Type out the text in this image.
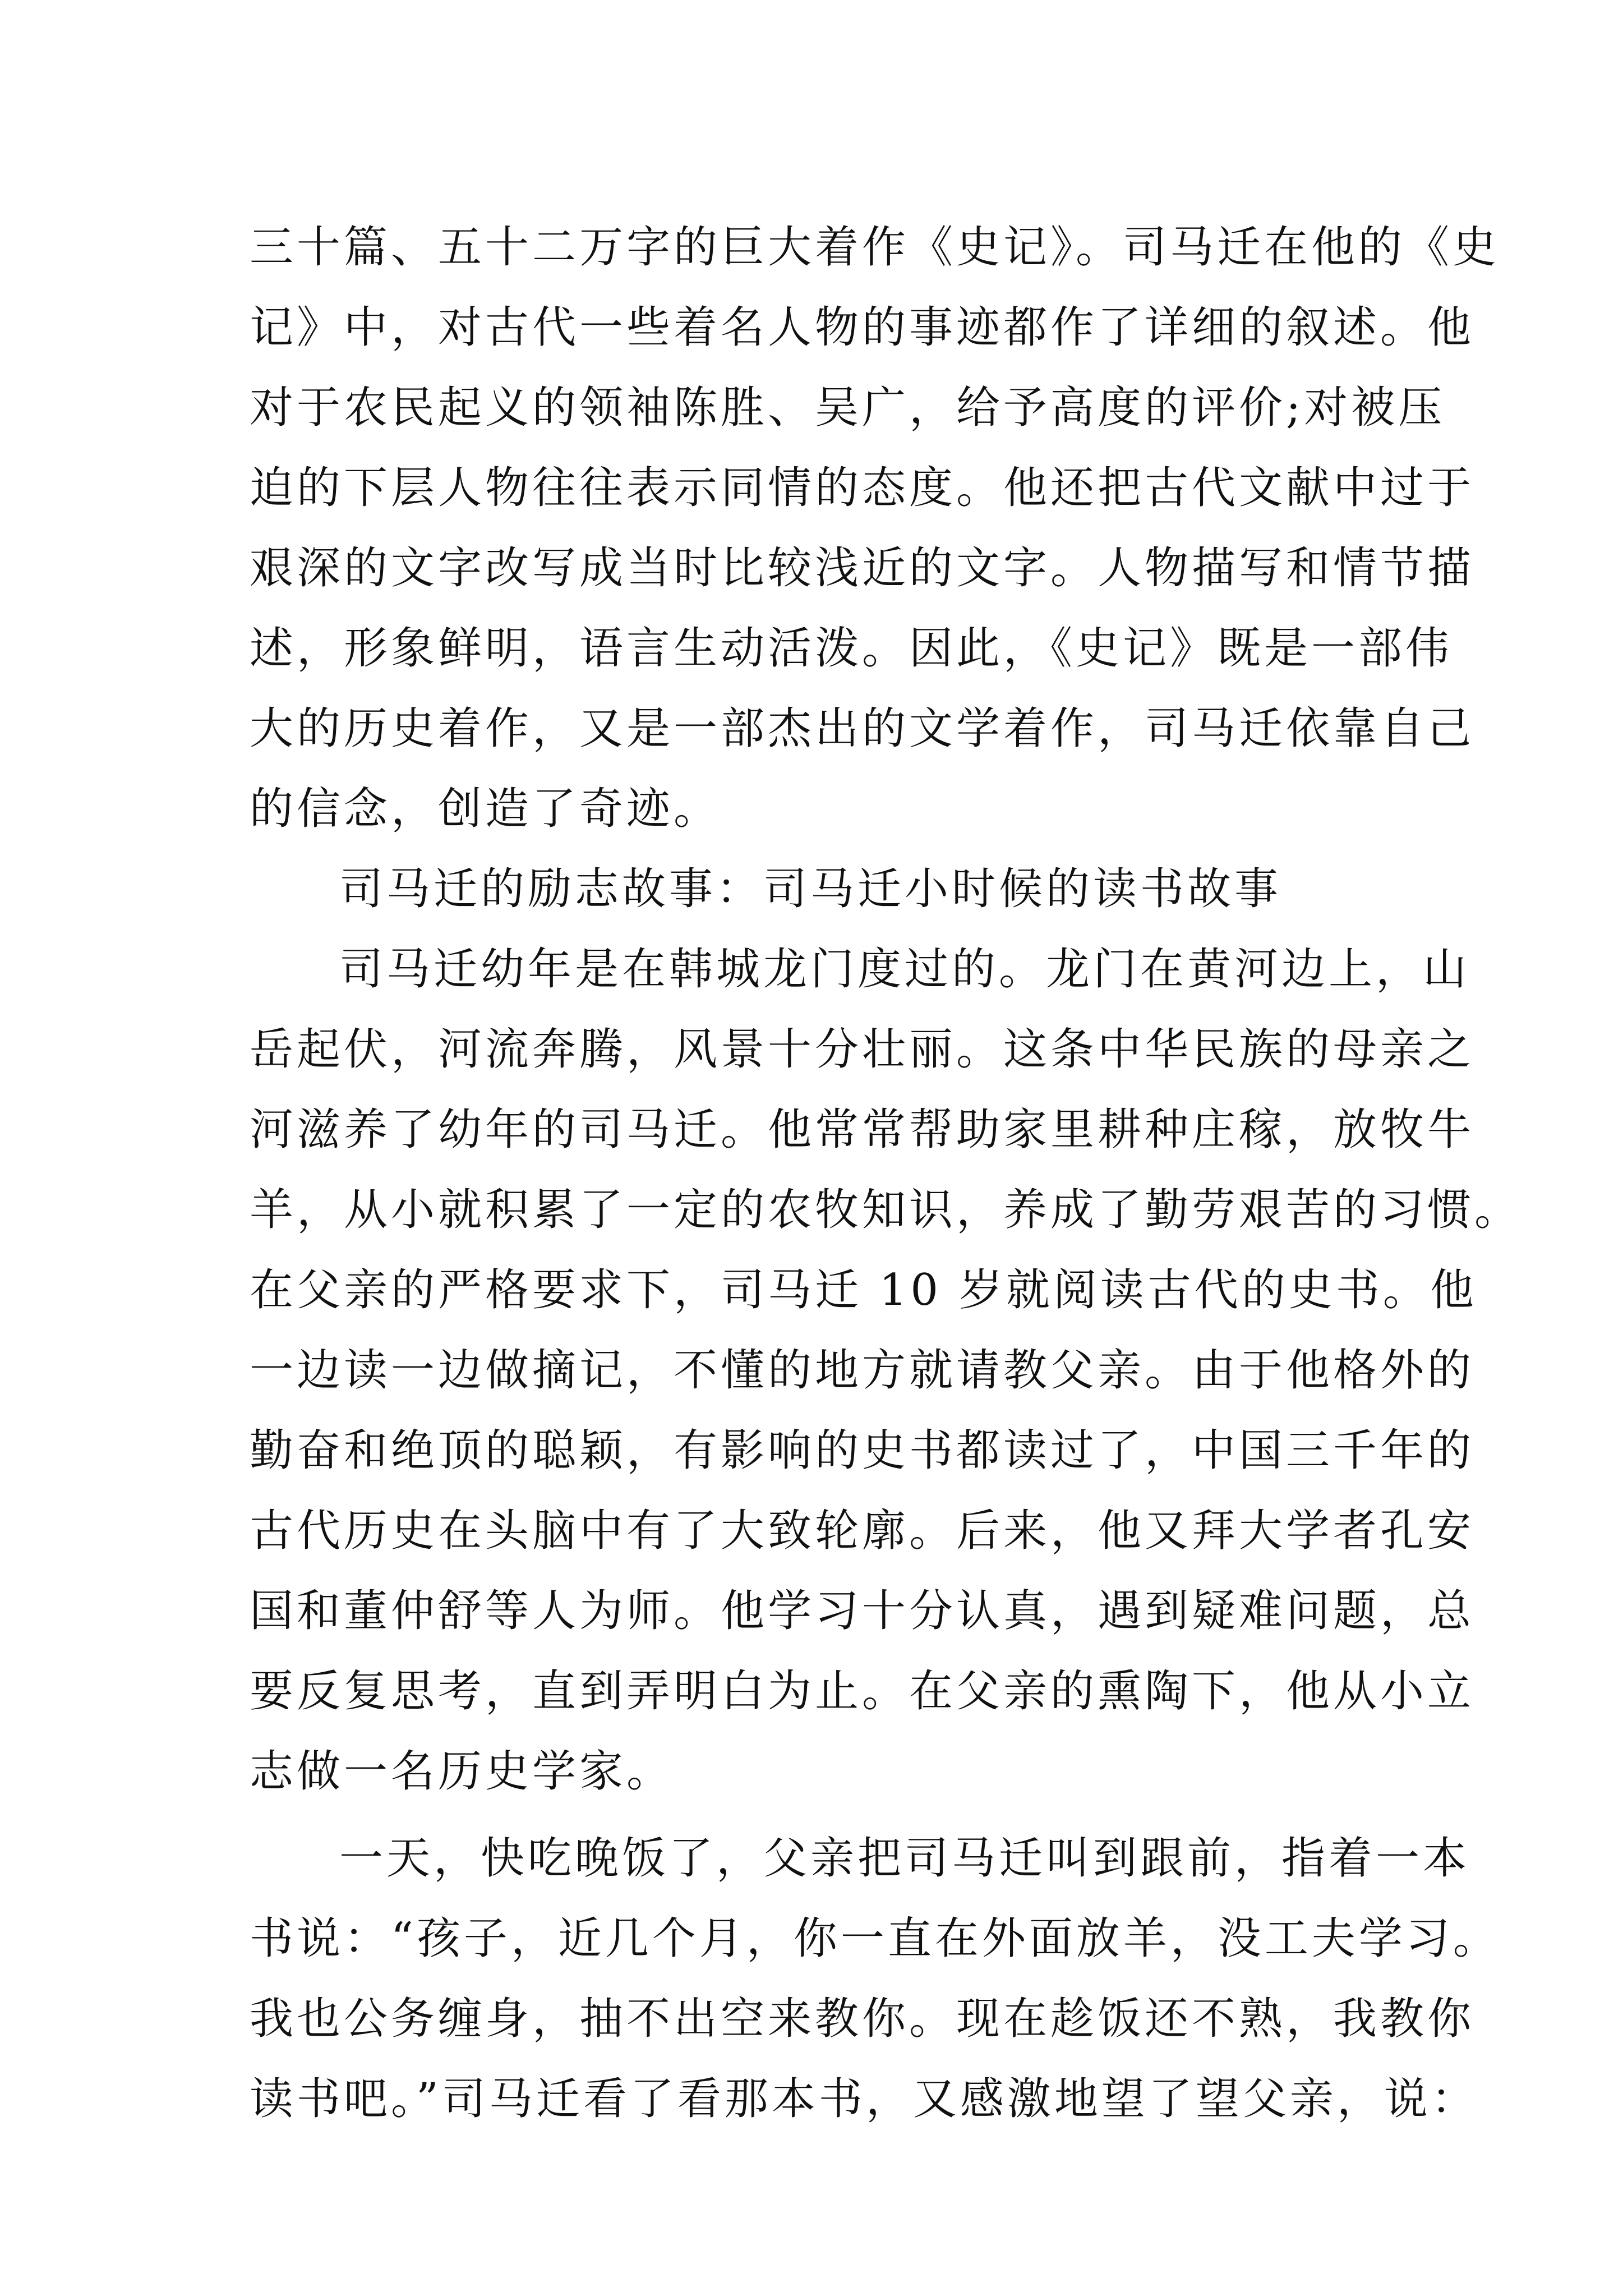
三十篇、五十二万字的巨大着作《史记》。司马迁在他的《史
记》中，对古代一些着名人物的事迹都作了详细的叙述。他
对于农民起义的领袖陈胜、吴广，给予高度的评价;对被压
迫的下层人物往往表示同情的态度。他还把古代文献中过于
艰深的文字改写成当时比较浅近的文字。人物描写和情节描
述，形象鲜明，语言生动活泼。因此，《史记》既是一部伟
大的历史着作，又是一部杰出的文学着作，司马迁依靠自己
的信念，创造了奇迹。
司马迁的励志故事：司马迁小时候的读书故事
司马迁幼年是在韩城龙门度过的。龙门在黄河边上，山
岳起伏，河流奔腾，风景十分壮丽。这条中华民族的母亲之
河滋养了幼年的司马迁。他常常帮助家里耕种庄稼，放牧牛
羊，从小就积累了一定的农牧知识，养成了勤劳艰苦的习惯。
在父亲的严格要求下，司马迁 10 岁就阅读古代的史书。他
一边读一边做摘记，不懂的地方就请教父亲。由于他格外的
勤奋和绝顶的聪颖，有影响的史书都读过了，中国三千年的
古代历史在头脑中有了大致轮廓。后来，他又拜大学者孔安
国和董仲舒等人为师。他学习十分认真，遇到疑难问题，总
要反复思考，直到弄明白为止。在父亲的熏陶下，他从小立
志做一名历史学家。
一天，快吃晚饭了，父亲把司马迁叫到跟前，指着一本
书说：“孩子，近几个月，你一直在外面放羊，没工夫学习。
我也公务缠身，抽不出空来教你。现在趁饭还不熟，我教你
读书吧。”司马迁看了看那本书，又感激地望了望父亲，说：
